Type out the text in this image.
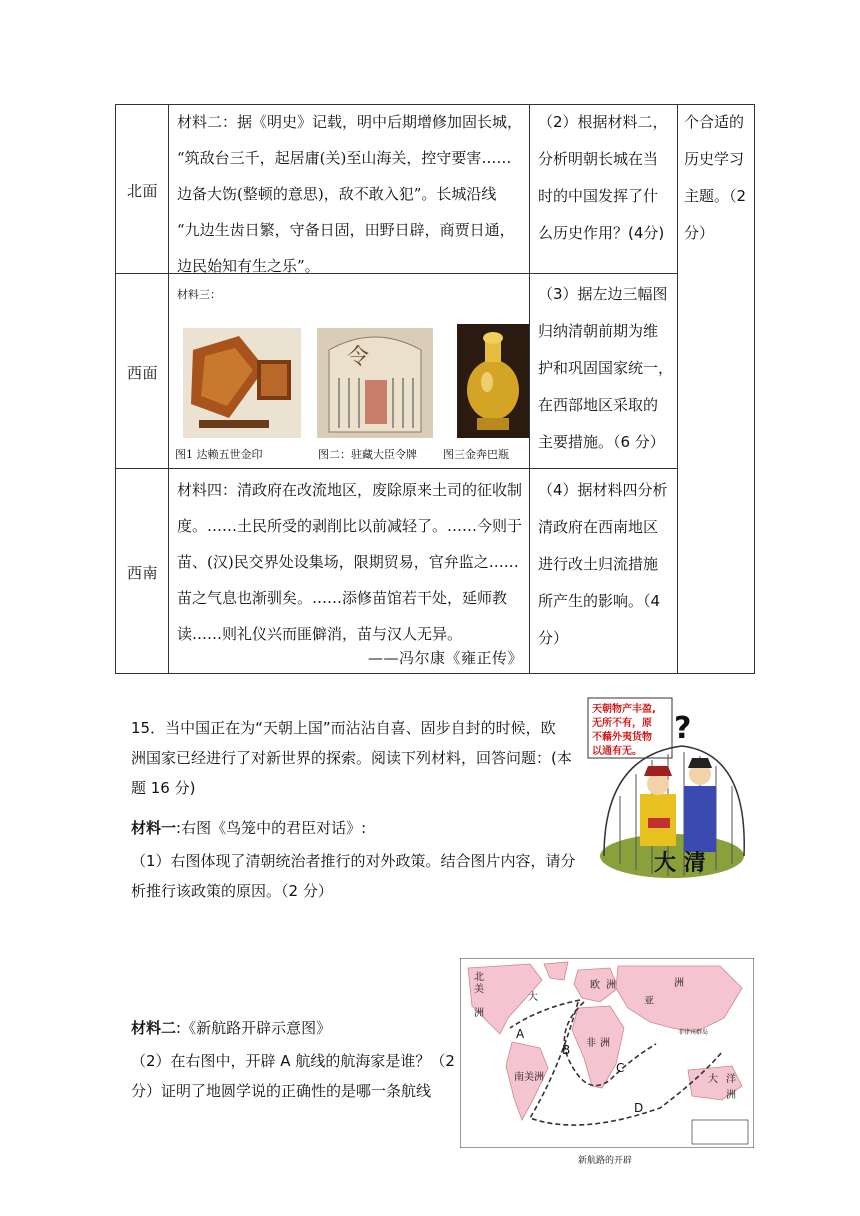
北面
西面
西南
材料二：据《明史》记载，明中后期增修加固长城，
“筑敌台三千，起居庸(关)至山海关，控守要害……
边备大饬(整顿的意思)，敌不敢入犯”。长城沿线
“九边生齿日繁，守备日固，田野日辟，商贾日通，
边民始知有生之乐”。
（2）根据材料二，
分析明朝长城在当
时的中国发挥了什
么历史作用？(4分)
个合适的
历史学习
主题。（2
分）
材料三：
令
图1 达赖五世金印	图二：驻藏大臣令牌 图三金奔巴瓶
（3）据左边三幅图
归纳清朝前期为维
护和巩固国家统一，
在西部地区采取的
主要措施。（6 分）
材料四：清政府在改流地区，废除原来土司的征收制
度。……土民所受的剥削比以前减轻了。……今则于
苗、(汉)民交界处设集场，限期贸易，官弁监之……
苗之气息也渐驯矣。……添修苗馆若干处，延师教
读……则礼仪兴而匪僻消，苗与汉人无异。
——冯尔康《雍正传》
（4）据材料四分析
清政府在西南地区
进行改土归流措施
所产生的影响。（4
分）
15．当中国正在为“天朝上国”而沾沾自喜、固步自封的时候，欧
洲国家已经进行了对新世界的探索。阅读下列材料，回答问题：(本
题 16 分)
材料一:右图《鸟笼中的君臣对话》:
（1）右图体现了清朝统治者推行的对外政策。结合图片内容，请分
析推行该政策的原因。（2 分）
天朝物产丰盈, 无所不有，原 不藉外夷货物 以通有无。
?
大 清
材料二:《新航路开辟示意图》
（2）在右图中，开辟 A 航线的航海家是谁？（2
分）证明了地圆学说的正确性的是哪一条航线
北
美
洲
大
欧 洲
亚
洲
非 洲
南美洲	大 洋
洲
菲律宾群岛
A
B
C
D
新航路的开辟
